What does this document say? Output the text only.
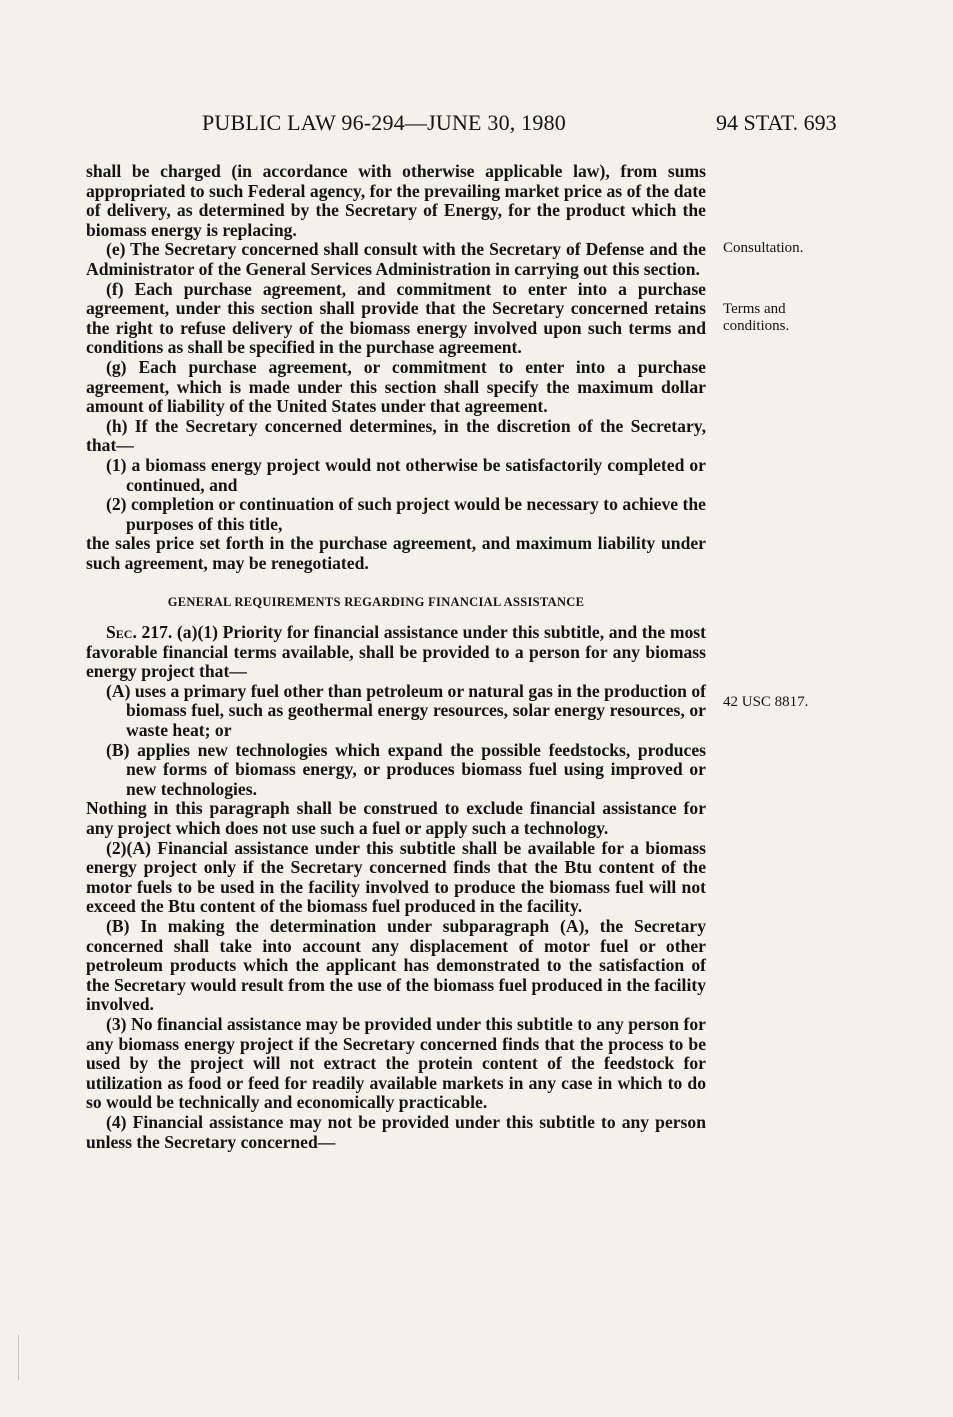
PUBLIC LAW 96-294—JUNE 30, 1980	94 STAT. 693
Consultation.
Terms and
conditions.
42 USC 8817.

shall be charged (in accordance with otherwise applicable law), from sums appropriated to such Federal agency, for the prevailing market price as of the date of delivery, as determined by the Secretary of Energy, for the product which the biomass energy is replacing.

(e) The Secretary concerned shall consult with the Secretary of Defense and the Administrator of the General Services Administration in carrying out this section.

(f) Each purchase agreement, and commitment to enter into a purchase agreement, under this section shall provide that the Secretary concerned retains the right to refuse delivery of the biomass energy involved upon such terms and conditions as shall be specified in the purchase agreement.

(g) Each purchase agreement, or commitment to enter into a purchase agreement, which is made under this section shall specify the maximum dollar amount of liability of the United States under that agreement.

(h) If the Secretary concerned determines, in the discretion of the Secretary, that—

(1) a biomass energy project would not otherwise be satisfactorily completed or continued, and

(2) completion or continuation of such project would be necessary to achieve the purposes of this title,

the sales price set forth in the purchase agreement, and maximum liability under such agreement, may be renegotiated.

GENERAL REQUIREMENTS REGARDING FINANCIAL ASSISTANCE

Sec. 217. (a)(1) Priority for financial assistance under this subtitle, and the most favorable financial terms available, shall be provided to a person for any biomass energy project that—

(A) uses a primary fuel other than petroleum or natural gas in the production of biomass fuel, such as geothermal energy resources, solar energy resources, or waste heat; or

(B) applies new technologies which expand the possible feedstocks, produces new forms of biomass energy, or produces biomass fuel using improved or new technologies.

Nothing in this paragraph shall be construed to exclude financial assistance for any project which does not use such a fuel or apply such a technology.

(2)(A) Financial assistance under this subtitle shall be available for a biomass energy project only if the Secretary concerned finds that the Btu content of the motor fuels to be used in the facility involved to produce the biomass fuel will not exceed the Btu content of the biomass fuel produced in the facility.

(B) In making the determination under subparagraph (A), the Secretary concerned shall take into account any displacement of motor fuel or other petroleum products which the applicant has demonstrated to the satisfaction of the Secretary would result from the use of the biomass fuel produced in the facility involved.

(3) No financial assistance may be provided under this subtitle to any person for any biomass energy project if the Secretary concerned finds that the process to be used by the project will not extract the protein content of the feedstock for utilization as food or feed for readily available markets in any case in which to do so would be technically and economically practicable.

(4) Financial assistance may not be provided under this subtitle to any person unless the Secretary concerned—
